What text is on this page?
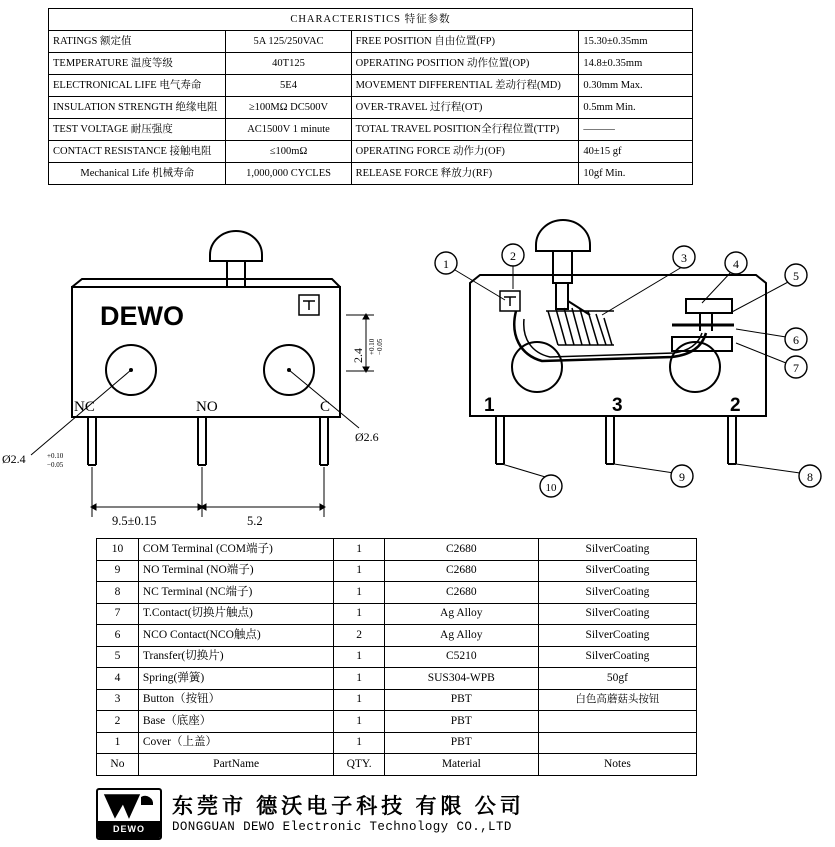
CHARACTERISTICS 特征参数			
RATINGS 额定值	5A 125/250VAC	FREE POSITION 自由位置(FP)	15.30±0.35mm
TEMPERATURE 温度等级	40T125	OPERATING POSITION 动作位置(OP)	14.8±0.35mm
ELECTRONICAL LIFE 电气寿命	5E4	MOVEMENT DIFFERENTIAL 差动行程(MD)	0.30mm Max.
INSULATION STRENGTH 绝缘电阻	≥100MΩ DC500V	OVER-TRAVEL 过行程(OT)	0.5mm Min.
TEST VOLTAGE 耐压强度	AC1500V 1 minute	TOTAL TRAVEL POSITION全行程位置(TTP)	———
CONTACT RESISTANCE 接触电阻	≤100mΩ	OPERATING FORCE 动作力(OF)	40±15 gf
Mechanical Life 机械寿命	1,000,000 CYCLES	RELEASE FORCE 释放力(RF)	10gf Min.
DEWO
NC	NO	C
2.4
+0.10 −0.05
Ø2.6
Ø2.4	+0.10
−0.05
9.5±0.15	5.2
1	3	2
1
2	3	4
5
6
7
8
9
10
10	COM Terminal (COM端子)	1	C2680	SilverCoating
9	NO Terminal (NO端子)	1	C2680	SilverCoating
8	NC Terminal (NC端子)	1	C2680	SilverCoating
7	T.Contact(切换片触点)	1	Ag Alloy	SilverCoating
6	NCO Contact(NCO触点)	2	Ag Alloy	SilverCoating
5	Transfer(切换片)	1	C5210	SilverCoating
4	Spring(弹簧)	1	SUS304-WPB	50gf
3	Button（按钮）	1	PBT	白色高蘑菇头按钮
2	Base（底座）	1	PBT	
1	Cover（上盖）	1	PBT	
No	PartName	QTY.	Material	Notes
DEWO
东莞市 德沃电子科技 有限 公司
DONGGUAN DEWO Electronic Technology CO.,LTD
